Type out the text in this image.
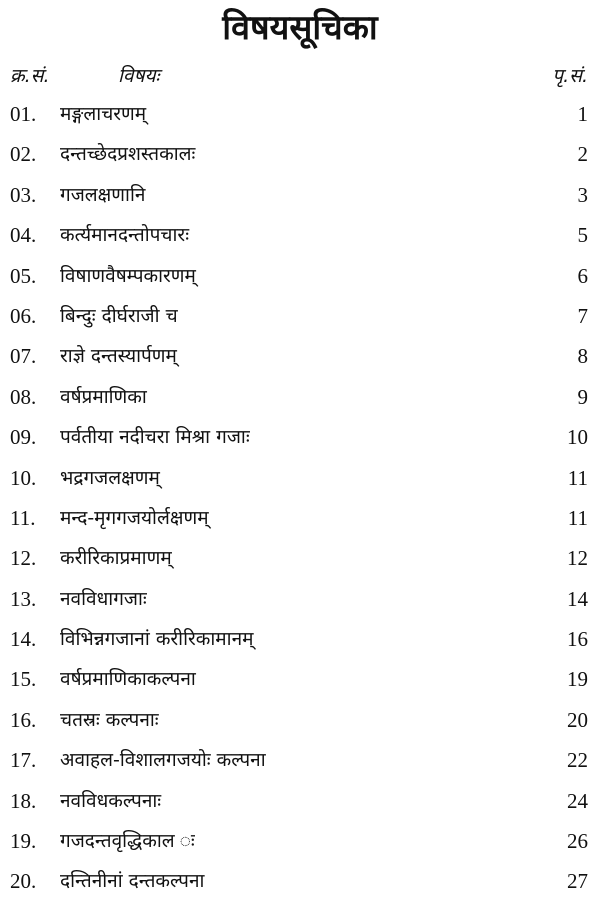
विषयसूचिका
क्र.सं.	विषयः	पृ.सं.
01.	मङ्गलाचरणम्	1
02.	दन्तच्छेदप्रशस्तकालः	2
03.	गजलक्षणानि	3
04.	कर्त्यमानदन्तोपचारः	5
05.	विषाणवैषम्पकारणम्	6
06.	बिन्दुः दीर्घराजी च	7
07.	राज्ञे दन्तस्यार्पणम्	8
08.	वर्षप्रमाणिका	9
09.	पर्वतीया नदीचरा मिश्रा गजाः	10
10.	भद्रगजलक्षणम्	11
11.	मन्द-मृगगजयोर्लक्षणम्	11
12.	करीरिकाप्रमाणम्	12
13.	नवविधागजाः	14
14.	विभिन्नगजानां करीरिकामानम्	16
15.	वर्षप्रमाणिकाकल्पना	19
16.	चतस्रः कल्पनाः	20
17.	अवाहल-विशालगजयोः कल्पना	22
18.	नवविधकल्पनाः	24
19.	गजदन्तवृद्धिकाल ः	26
20.	दन्तिनीनां दन्तकल्पना	27
